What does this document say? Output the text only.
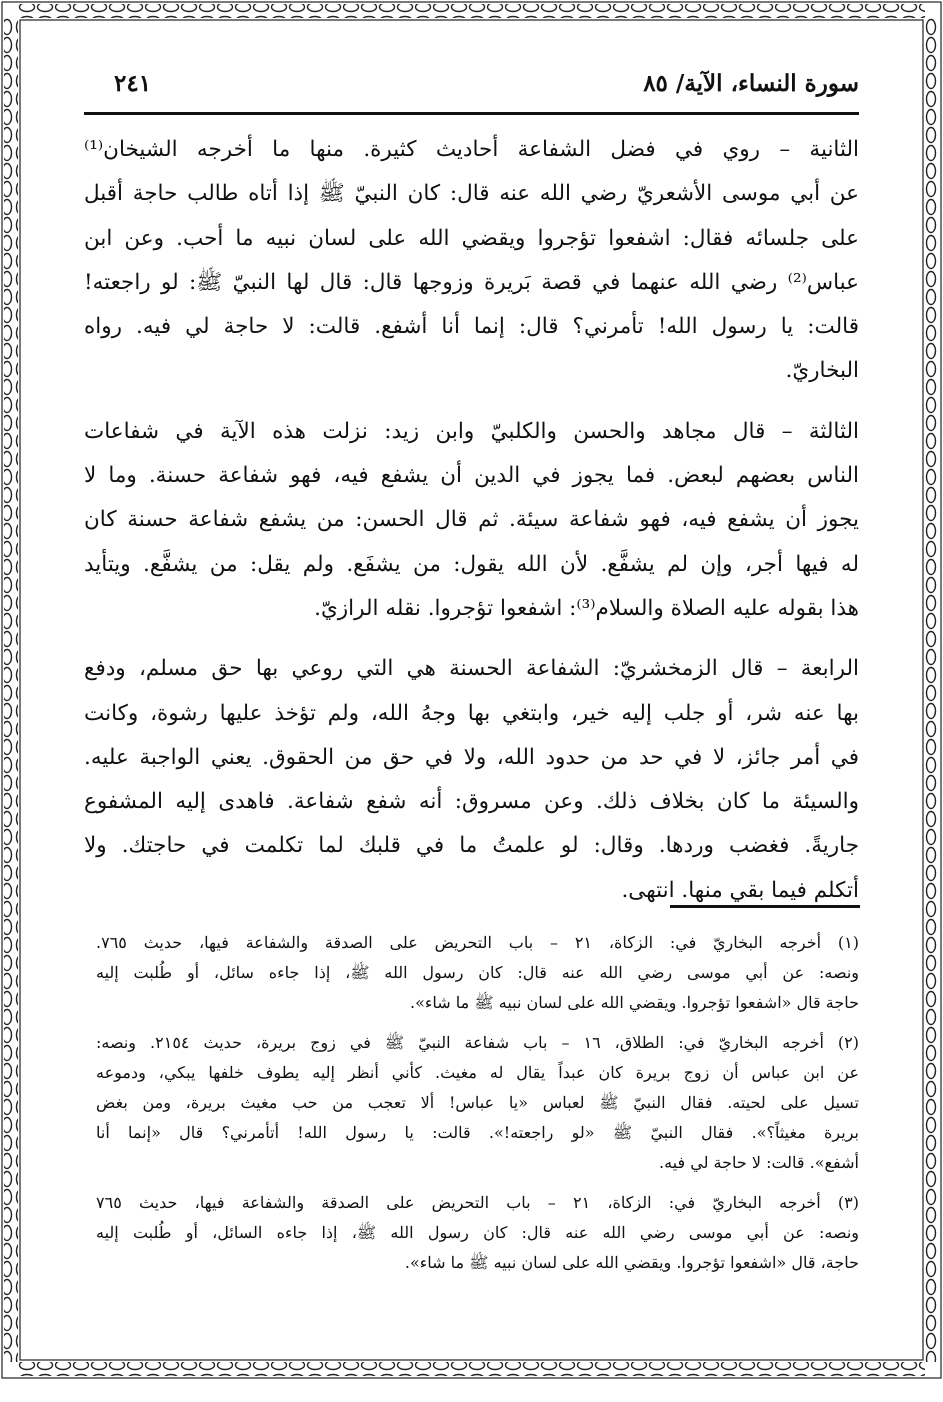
سورة النساء، الآية/ ٨٥
٢٤١
الثانية – روي في فضل الشفاعة أحاديث كثيرة. منها ما أخرجه الشيخان⁽¹⁾
عن أبي موسى الأشعريّ رضي الله عنه قال: كان النبيّ ﷺ إذا أتاه طالب حاجة أقبل
على جلسائه فقال: اشفعوا تؤجروا ويقضي الله على لسان نبيه ما أحب. وعن ابن
عباس⁽²⁾ رضي الله عنهما في قصة بَريرة وزوجها قال: قال لها النبيّ ﷺ: لو راجعته!
قالت: يا رسول الله! تأمرني؟ قال: إنما أنا أشفع. قالت: لا حاجة لي فيه. رواه
البخاريّ.
الثالثة – قال مجاهد والحسن والكلبيّ وابن زيد: نزلت هذه الآية في شفاعات
الناس بعضهم لبعض. فما يجوز في الدين أن يشفع فيه، فهو شفاعة حسنة. وما لا
يجوز أن يشفع فيه، فهو شفاعة سيئة. ثم قال الحسن: من يشفع شفاعة حسنة كان
له فيها أجر، وإن لم يشفَّع. لأن الله يقول: من يشفَع. ولم يقل: من يشفَّع. ويتأيد
هذا بقوله عليه الصلاة والسلام⁽³⁾: اشفعوا تؤجروا. نقله الرازيّ.
الرابعة – قال الزمخشريّ: الشفاعة الحسنة هي التي روعي بها حق مسلم، ودفع
بها عنه شر، أو جلب إليه خير، وابتغي بها وجهُ الله، ولم تؤخذ عليها رشوة، وكانت
في أمر جائز، لا في حد من حدود الله، ولا في حق من الحقوق. يعني الواجبة عليه.
والسيئة ما كان بخلاف ذلك. وعن مسروق: أنه شفع شفاعة. فاهدى إليه المشفوع
جاريةً. فغضب وردها. وقال: لو علمتُ ما في قلبك لما تكلمت في حاجتك. ولا
أتكلم فيما بقي منها. انتهى.
(١) أخرجه البخاريّ في: الزكاة، ٢١ – باب التحريض على الصدقة والشفاعة فيها، حديث ٧٦٥.
ونصه: عن أبي موسى رضي الله عنه قال: كان رسول الله ﷺ، إذا جاءه سائل، أو طُلبت إليه
حاجة قال «اشفعوا تؤجروا. ويقضي الله على لسان نبيه ﷺ ما شاء».
(٢) أخرجه البخاريّ في: الطلاق، ١٦ – باب شفاعة النبيّ ﷺ في زوج بريرة، حديث ٢١٥٤. ونصه:
عن ابن عباس أن زوج بريرة كان عبداً يقال له مغيث. كأني أنظر إليه يطوف خلفها يبكي، ودموعه
تسيل على لحيته. فقال النبيّ ﷺ لعباس «يا عباس! ألا تعجب من حب مغيث بريرة، ومن بغض
بريرة مغيثاً؟». فقال النبيّ ﷺ «لو راجعته!». قالت: يا رسول الله! أتأمرني؟ قال «إنما أنا
أشفع». قالت: لا حاجة لي فيه.
(٣) أخرجه البخاريّ في: الزكاة، ٢١ – باب التحريض على الصدقة والشفاعة فيها، حديث ٧٦٥
ونصه: عن أبي موسى رضي الله عنه قال: كان رسول الله ﷺ، إذا جاءه السائل، أو طُلبت إليه
حاجة، قال «اشفعوا تؤجروا. ويقضي الله على لسان نبيه ﷺ ما شاء».
